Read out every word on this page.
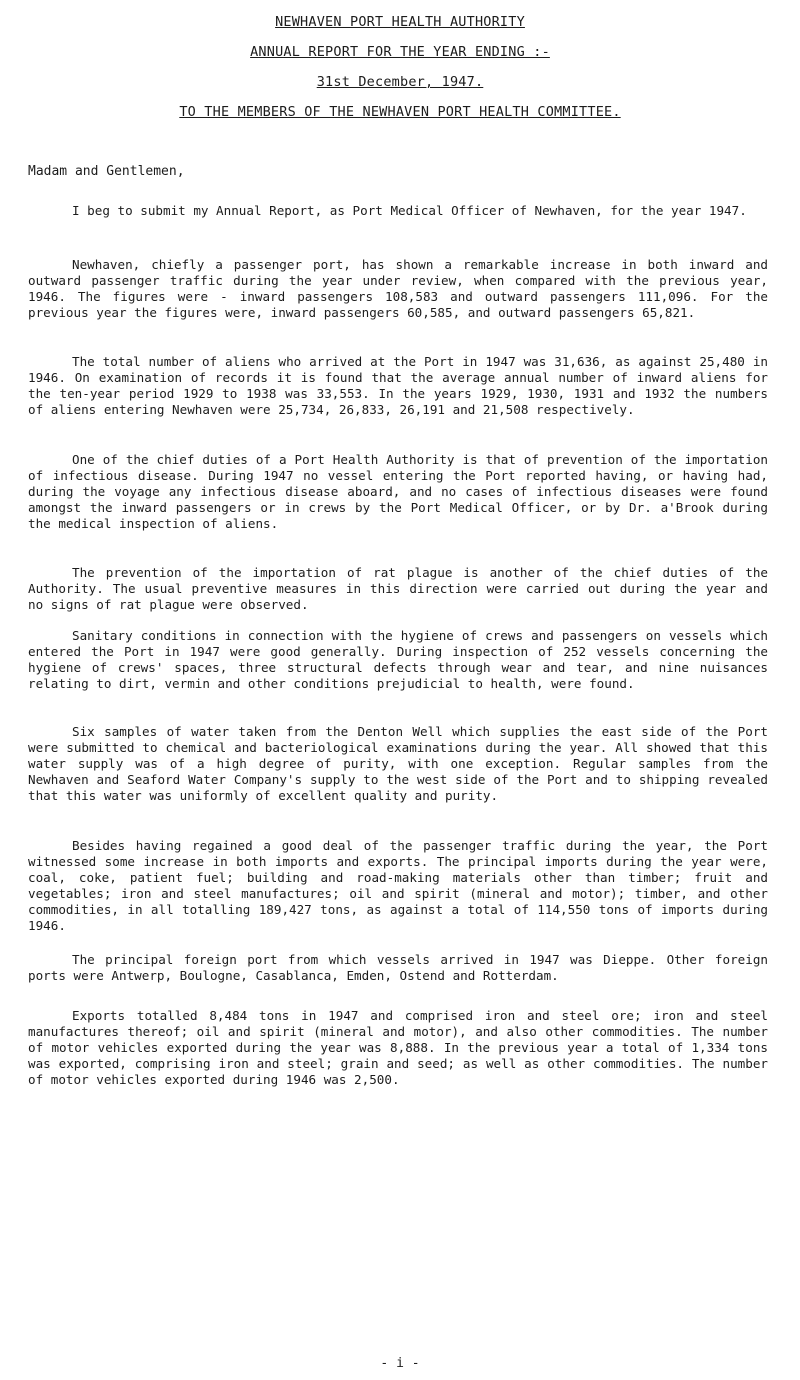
NEWHAVEN PORT HEALTH AUTHORITY
ANNUAL REPORT FOR THE YEAR ENDING :-
31st December, 1947.
TO THE MEMBERS OF THE NEWHAVEN PORT HEALTH COMMITTEE.
Madam and Gentlemen,

I beg to submit my Annual Report, as Port Medical Officer of Newhaven, for the year 1947.

Newhaven, chiefly a passenger port, has shown a remarkable increase in both inward and outward passenger traffic during the year under review, when compared with the previous year, 1946. The figures were - inward passengers 108,583 and outward passengers 111,096. For the previous year the figures were, inward passengers 60,585, and outward passengers 65,821.

The total number of aliens who arrived at the Port in 1947 was 31,636, as against 25,480 in 1946. On examination of records it is found that the average annual number of inward aliens for the ten-year period 1929 to 1938 was 33,553. In the years 1929, 1930, 1931 and 1932 the numbers of aliens entering Newhaven were 25,734, 26,833, 26,191 and 21,508 respectively.

One of the chief duties of a Port Health Authority is that of prevention of the importation of infectious disease. During 1947 no vessel entering the Port reported having, or having had, during the voyage any infectious disease aboard, and no cases of infectious diseases were found amongst the inward passengers or in crews by the Port Medical Officer, or by Dr. a'Brook during the medical inspection of aliens.

The prevention of the importation of rat plague is another of the chief duties of the Authority. The usual preventive measures in this direction were carried out during the year and no signs of rat plague were observed.

Sanitary conditions in connection with the hygiene of crews and passengers on vessels which entered the Port in 1947 were good generally. During inspection of 252 vessels concerning the hygiene of crews' spaces, three structural defects through wear and tear, and nine nuisances relating to dirt, vermin and other conditions prejudicial to health, were found.

Six samples of water taken from the Denton Well which supplies the east side of the Port were submitted to chemical and bacteriological examinations during the year. All showed that this water supply was of a high degree of purity, with one exception. Regular samples from the Newhaven and Seaford Water Company's supply to the west side of the Port and to shipping revealed that this water was uniformly of excellent quality and purity.

Besides having regained a good deal of the passenger traffic during the year, the Port witnessed some increase in both imports and exports. The principal imports during the year were, coal, coke, patient fuel; building and road-making materials other than timber; fruit and vegetables; iron and steel manufactures; oil and spirit (mineral and motor); timber, and other commodities, in all totalling 189,427 tons, as against a total of 114,550 tons of imports during 1946.

The principal foreign port from which vessels arrived in 1947 was Dieppe. Other foreign ports were Antwerp, Boulogne, Casablanca, Emden, Ostend and Rotterdam.

Exports totalled 8,484 tons in 1947 and comprised iron and steel ore; iron and steel manufactures thereof; oil and spirit (mineral and motor), and also other commodities. The number of motor vehicles exported during the year was 8,888. In the previous year a total of 1,334 tons was exported, comprising iron and steel; grain and seed; as well as other commodities. The number of motor vehicles exported during 1946 was 2,500.

- i -
